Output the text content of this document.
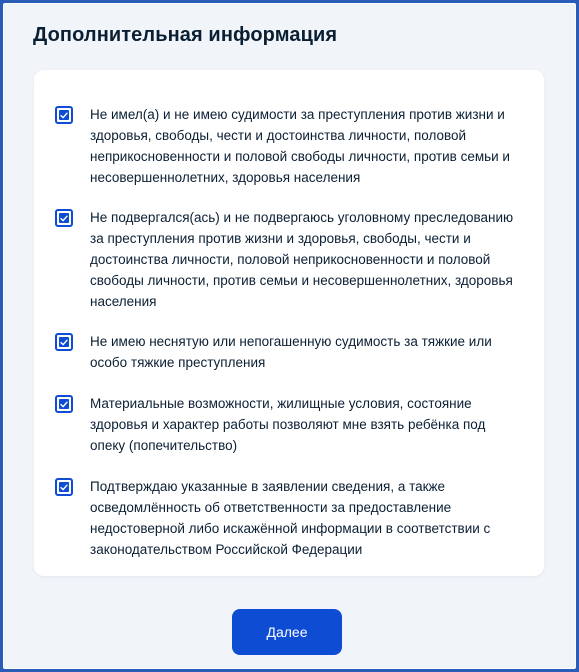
Дополнительная информация
Не имел(а) и не имею судимости за преступления против жизни и здоровья, свободы, чести и достоинства личности, половой неприкосновенности и половой свободы личности, против семьи и несовершеннолетних, здоровья населения
Не подвергался(ась) и не подвергаюсь уголовному преследованию за преступления против жизни и здоровья, свободы, чести и достоинства личности, половой неприкосновенности и половой свободы личности, против семьи и несовершеннолетних, здоровья населения
Не имею неснятую или непогашенную судимость за тяжкие или особо тяжкие преступления
Материальные возможности, жилищные условия, состояние здоровья и характер работы позволяют мне взять ребёнка под опеку (попечительство)
Подтверждаю указанные в заявлении сведения, а также осведомлённость об ответственности за предоставление недостоверной либо искажённой информации в соответствии с законодательством Российской Федерации
Далее
